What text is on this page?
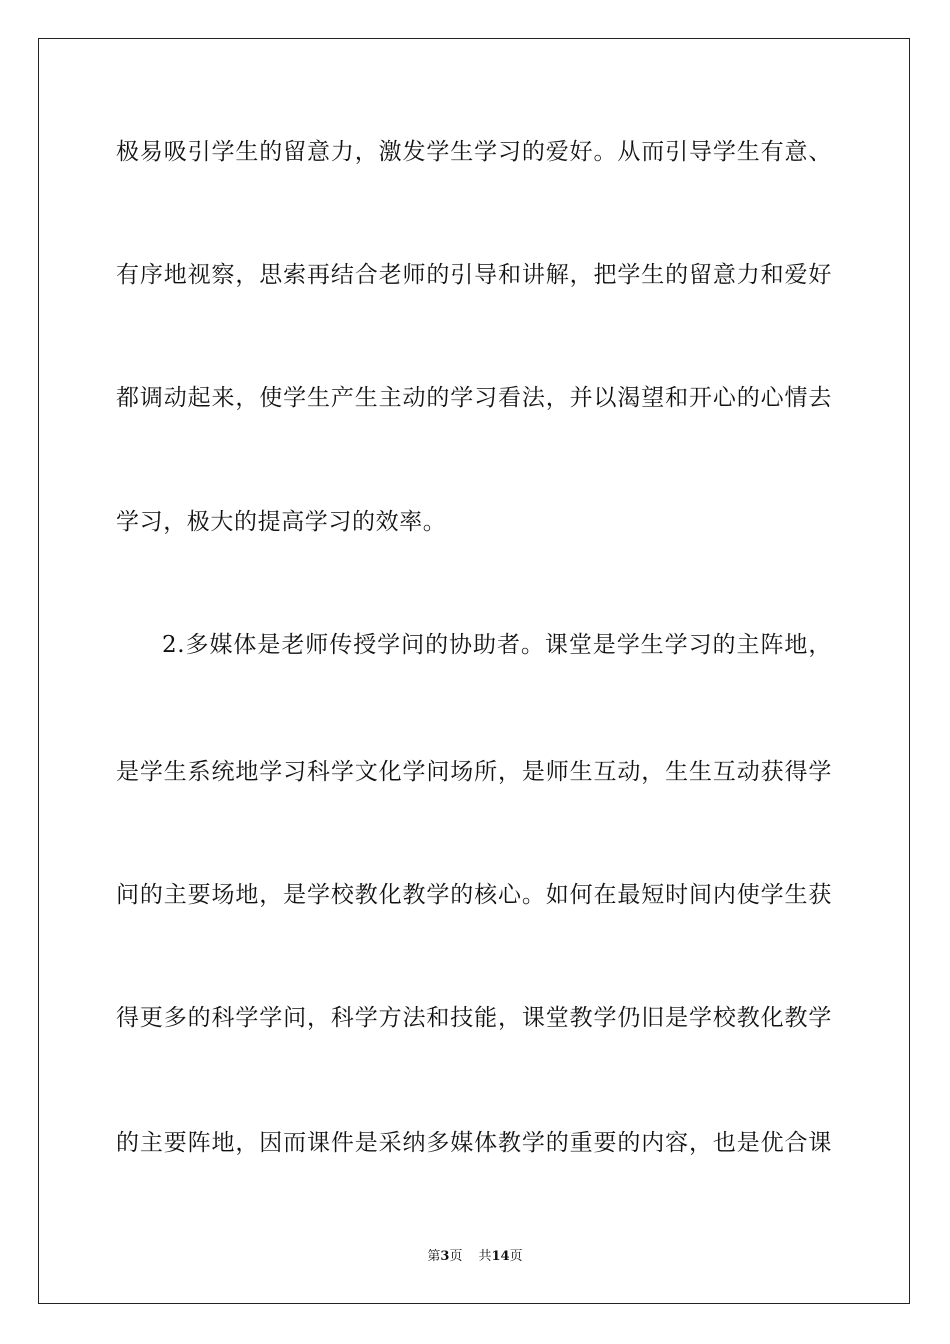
极易吸引学生的留意力，激发学生学习的爱好。从而引导学生有意、
有序地视察，思索再结合老师的引导和讲解，把学生的留意力和爱好
都调动起来，使学生产生主动的学习看法，并以渴望和开心的心情去
学习，极大的提高学习的效率。
2.多媒体是老师传授学问的协助者。课堂是学生学习的主阵地，
是学生系统地学习科学文化学问场所，是师生互动，生生互动获得学
问的主要场地，是学校教化教学的核心。如何在最短时间内使学生获
得更多的科学学问，科学方法和技能，课堂教学仍旧是学校教化教学
的主要阵地，因而课件是采纳多媒体教学的重要的内容，也是优合课
第3页 共14页
